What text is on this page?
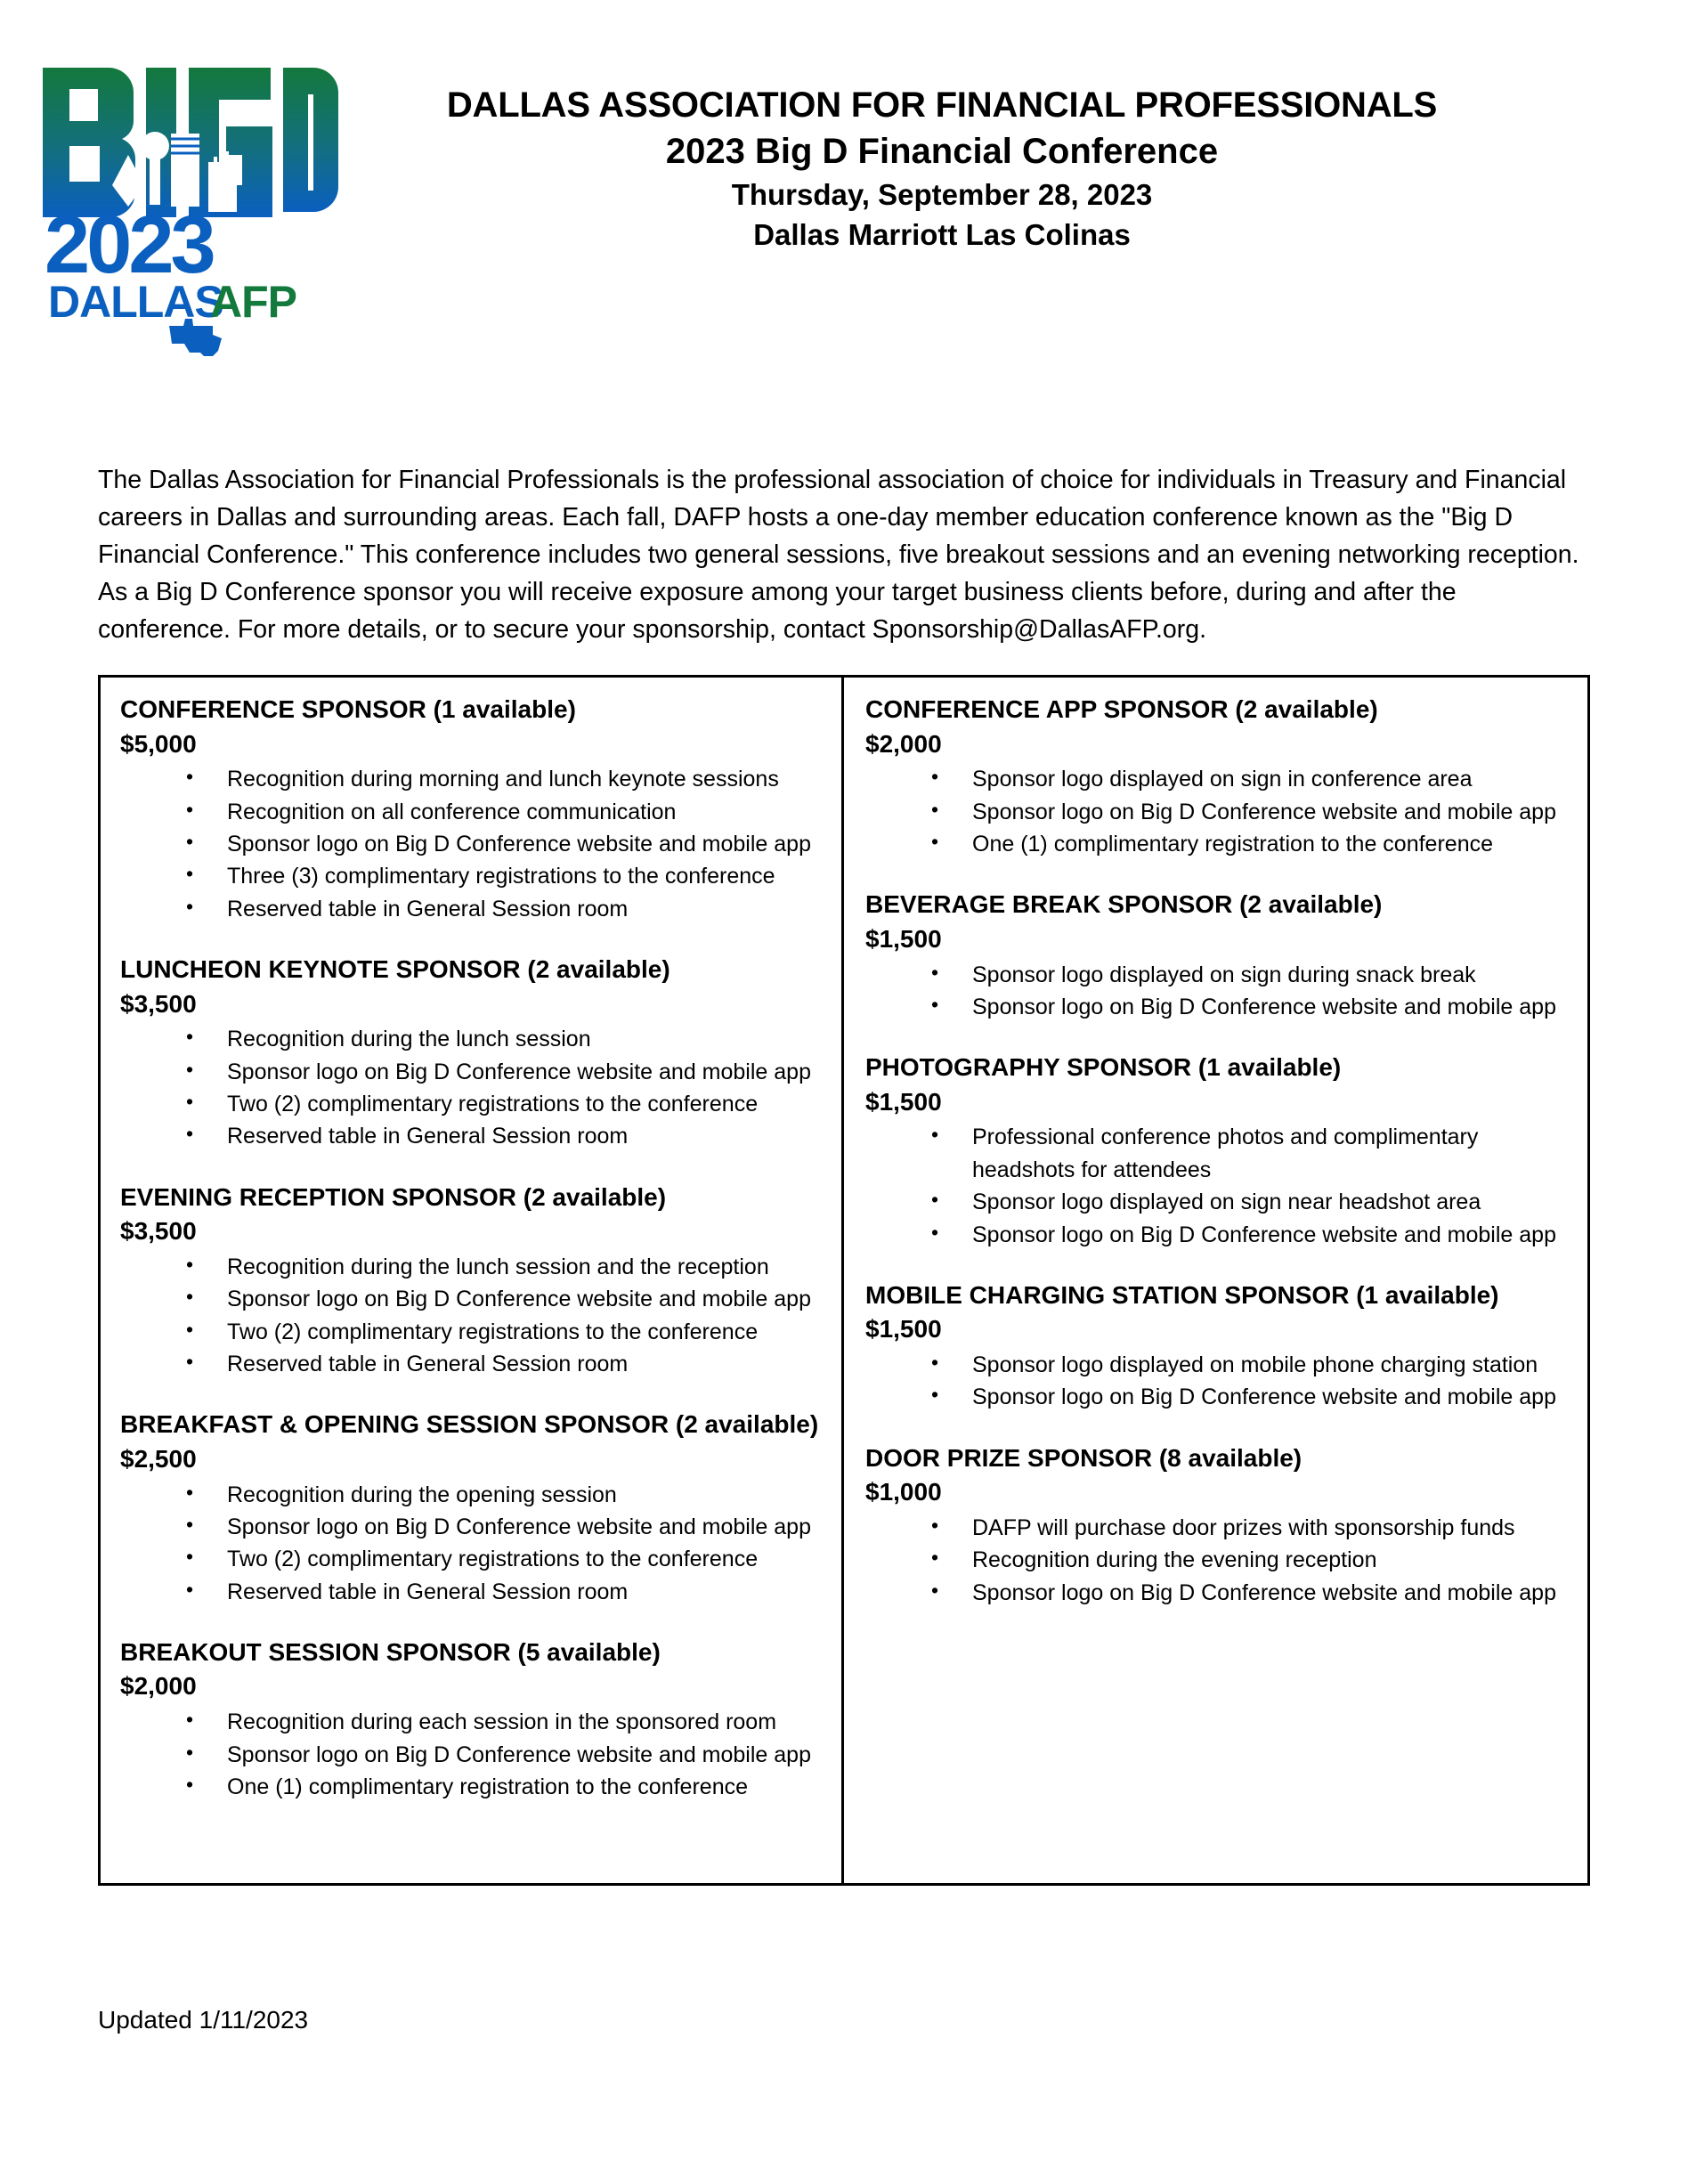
2023
DALLAS
AFP
DALLAS ASSOCIATION FOR FINANCIAL PROFESSIONALS
2023 Big D Financial Conference
Thursday, September 28, 2023
Dallas Marriott Las Colinas
The Dallas Association for Financial Professionals is the professional association of choice for individuals in Treasury and Financial careers in Dallas and surrounding areas. Each fall, DAFP hosts a one-day member education conference known as the "Big D Financial Conference." This conference includes two general sessions, five breakout sessions and an evening networking reception. As a Big D Conference sponsor you will receive exposure among your target business clients before, during and after the conference. For more details, or to secure your sponsorship, contact Sponsorship@DallasAFP.org.
CONFERENCE SPONSOR (1 available)
$5,000
• Recognition during morning and lunch keynote sessions
• Recognition on all conference communication
• Sponsor logo on Big D Conference website and mobile app
• Three (3) complimentary registrations to the conference
• Reserved table in General Session room
LUNCHEON KEYNOTE SPONSOR (2 available)
$3,500
• Recognition during the lunch session
• Sponsor logo on Big D Conference website and mobile app
• Two (2) complimentary registrations to the conference
• Reserved table in General Session room
EVENING RECEPTION SPONSOR (2 available)
$3,500
• Recognition during the lunch session and the reception
• Sponsor logo on Big D Conference website and mobile app
• Two (2) complimentary registrations to the conference
• Reserved table in General Session room
BREAKFAST & OPENING SESSION SPONSOR (2 available)
$2,500
• Recognition during the opening session
• Sponsor logo on Big D Conference website and mobile app
• Two (2) complimentary registrations to the conference
• Reserved table in General Session room
BREAKOUT SESSION SPONSOR (5 available)
$2,000
• Recognition during each session in the sponsored room
• Sponsor logo on Big D Conference website and mobile app
• One (1) complimentary registration to the conference
CONFERENCE APP SPONSOR (2 available)
$2,000
• Sponsor logo displayed on sign in conference area
• Sponsor logo on Big D Conference website and mobile app
• One (1) complimentary registration to the conference
BEVERAGE BREAK SPONSOR (2 available)
$1,500
• Sponsor logo displayed on sign during snack break
• Sponsor logo on Big D Conference website and mobile app
PHOTOGRAPHY SPONSOR (1 available)
$1,500
• Professional conference photos and complimentary headshots for attendees
• Sponsor logo displayed on sign near headshot area
• Sponsor logo on Big D Conference website and mobile app
MOBILE CHARGING STATION SPONSOR (1 available)
$1,500
• Sponsor logo displayed on mobile phone charging station
• Sponsor logo on Big D Conference website and mobile app
DOOR PRIZE SPONSOR (8 available)
$1,000
• DAFP will purchase door prizes with sponsorship funds
• Recognition during the evening reception
• Sponsor logo on Big D Conference website and mobile app
Updated 1/11/2023
